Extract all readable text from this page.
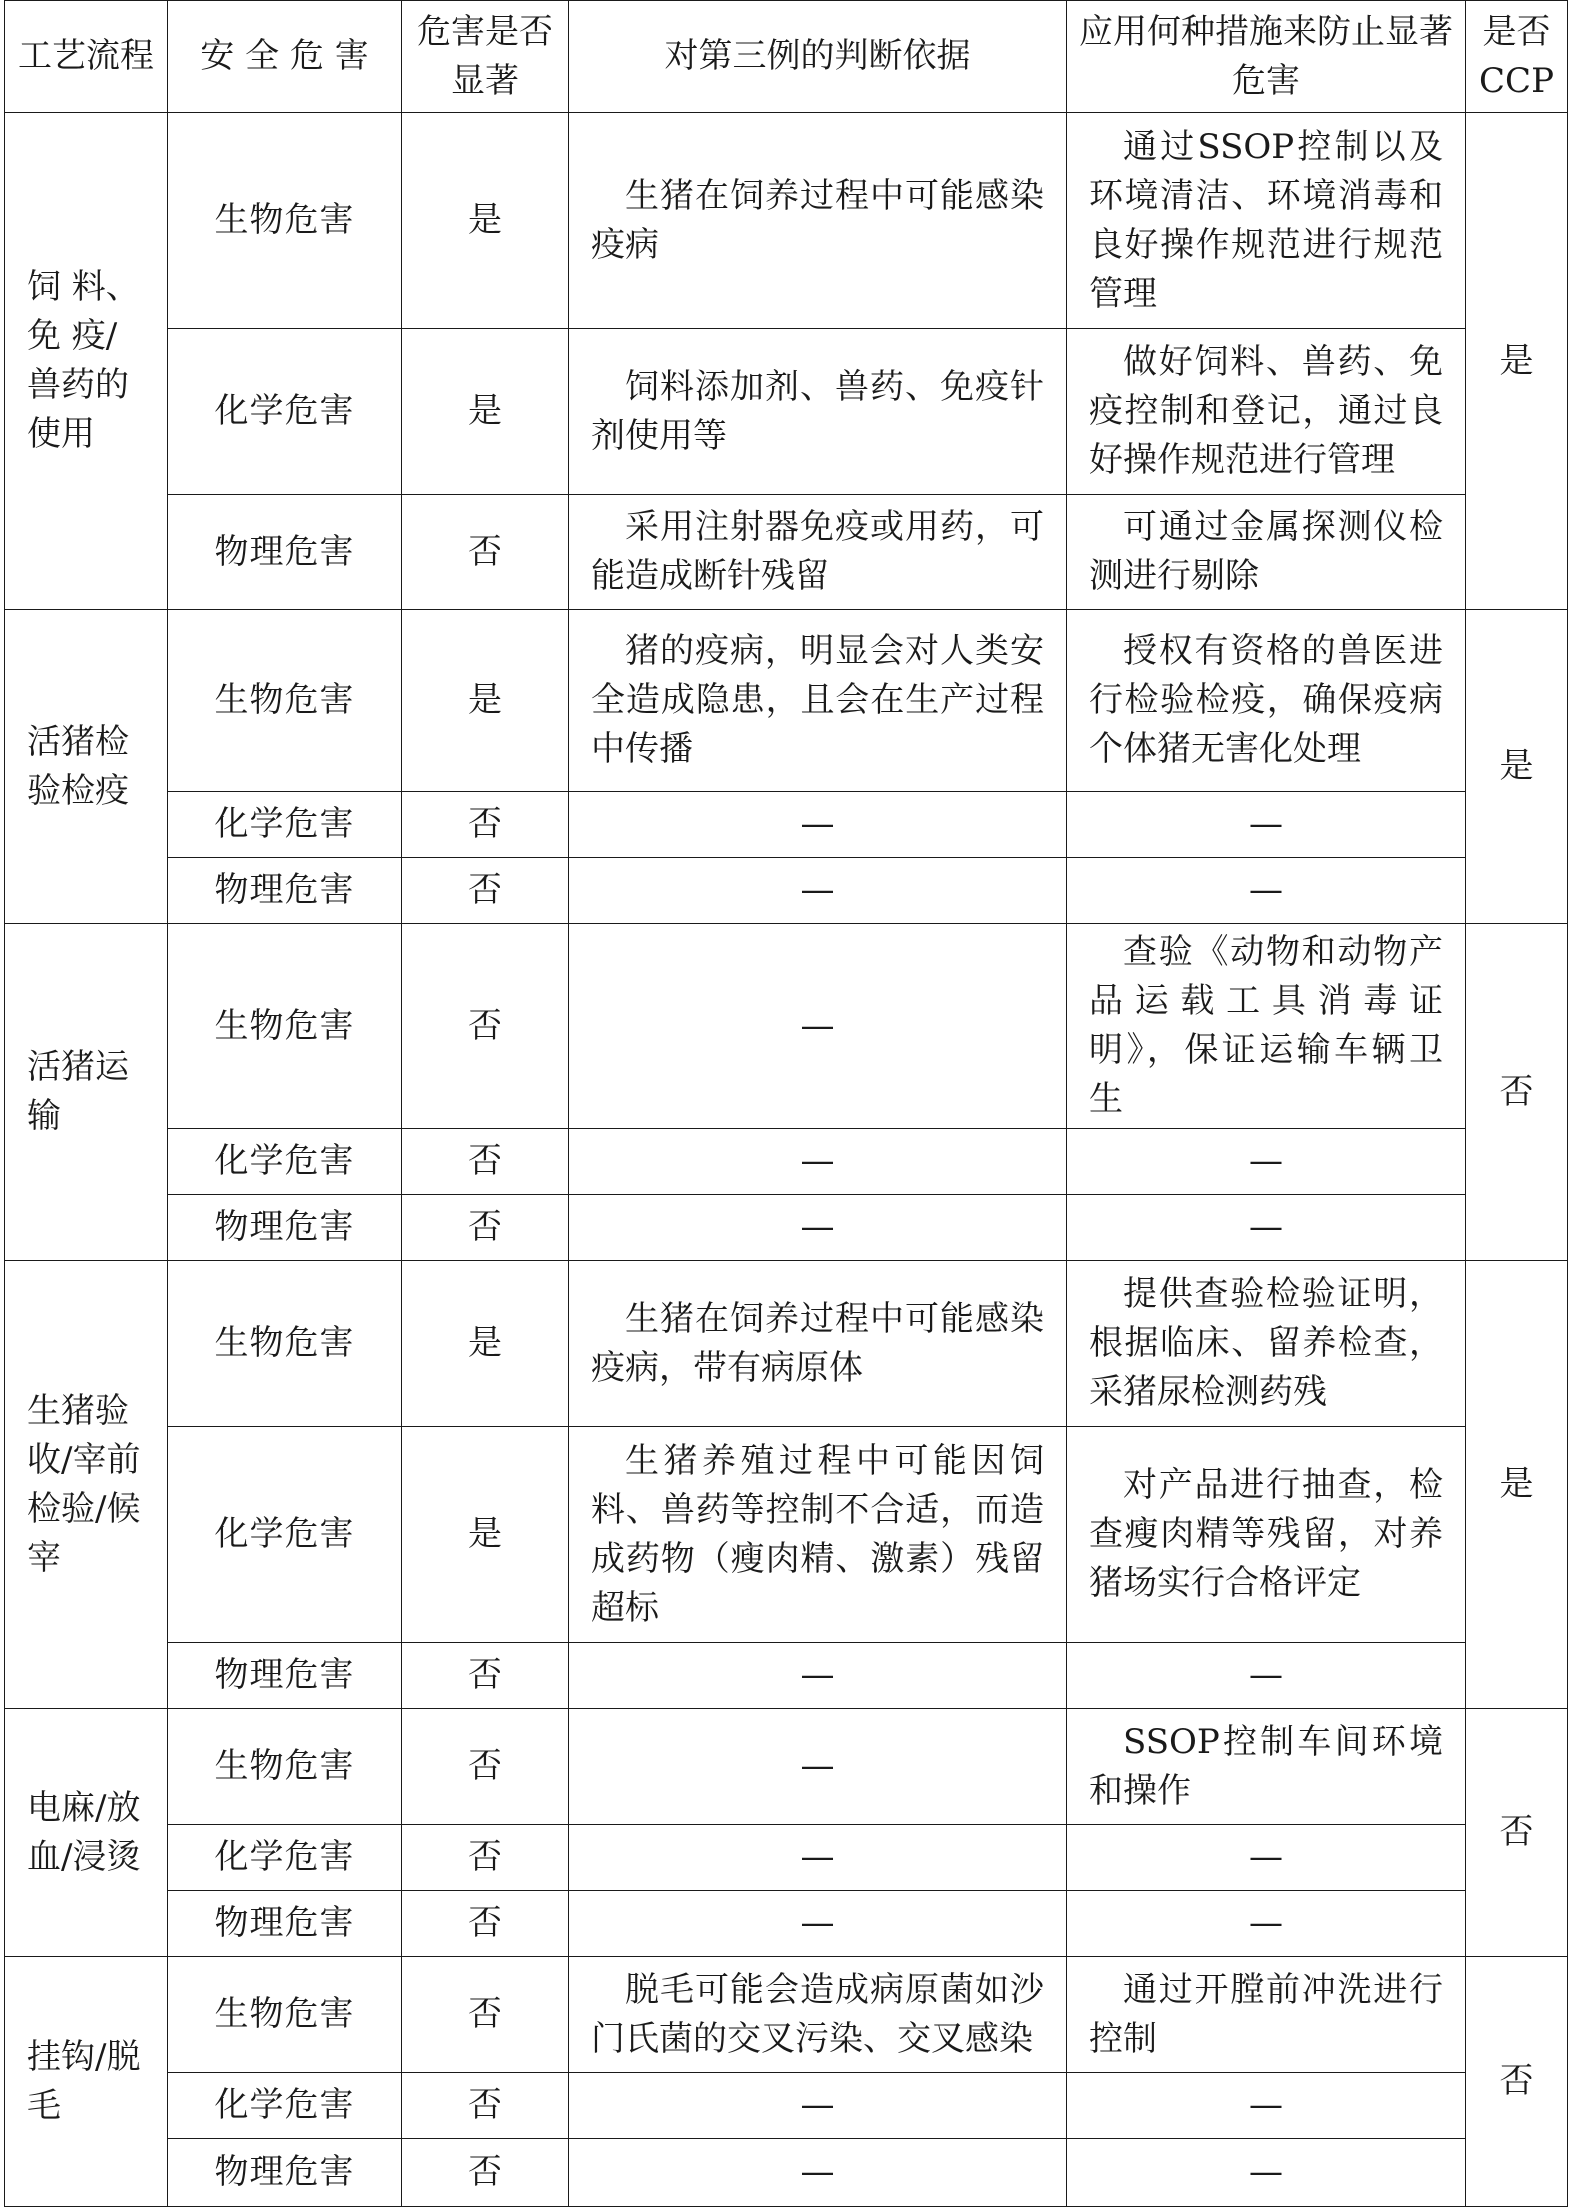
工艺流程	安 全 危 害	危害是否显著	对第三例的判断依据	应用何种措施来防止显著危害	是否CCP
饲 料、免 疫/兽药的使用	生物危害	是	生猪在饲养过程中可能感染疫病	通过SSOP控制以及环境清洁、环境消毒和良好操作规范进行规范管理	是
	化学危害	是	饲料添加剂、兽药、免疫针剂使用等	做好饲料、兽药、免疫控制和登记，通过良好操作规范进行管理	
	物理危害	否	采用注射器免疫或用药，可能造成断针残留	可通过金属探测仪检测进行剔除	
活猪检验检疫	生物危害	是	猪的疫病，明显会对人类安全造成隐患，且会在生产过程中传播	授权有资格的兽医进行检验检疫，确保疫病个体猪无害化处理	是
	化学危害	否	—	—	
	物理危害	否	—	—	
活猪运输	生物危害	否	—	查验《动物和动物产品运载工具消毒证明》，保证运输车辆卫生	否
	化学危害	否	—	—	
	物理危害	否	—	—	
生猪验收/宰前检验/候宰	生物危害	是	生猪在饲养过程中可能感染疫病，带有病原体	提供查验检验证明，根据临床、留养检查，采猪尿检测药残	是
	化学危害	是	生猪养殖过程中可能因饲料、兽药等控制不合适，而造成药物（瘦肉精、激素）残留超标	对产品进行抽查，检查瘦肉精等残留，对养猪场实行合格评定	
	物理危害	否	—	—	
电麻/放血/浸烫	生物危害	否	—	SSOP控制车间环境和操作	否
	化学危害	否	—	—	
	物理危害	否	—	—	
挂钩/脱毛	生物危害	否	脱毛可能会造成病原菌如沙门氏菌的交叉污染、交叉感染	通过开膛前冲洗进行控制	否
	化学危害	否	—	—	
	物理危害	否	—	—	
